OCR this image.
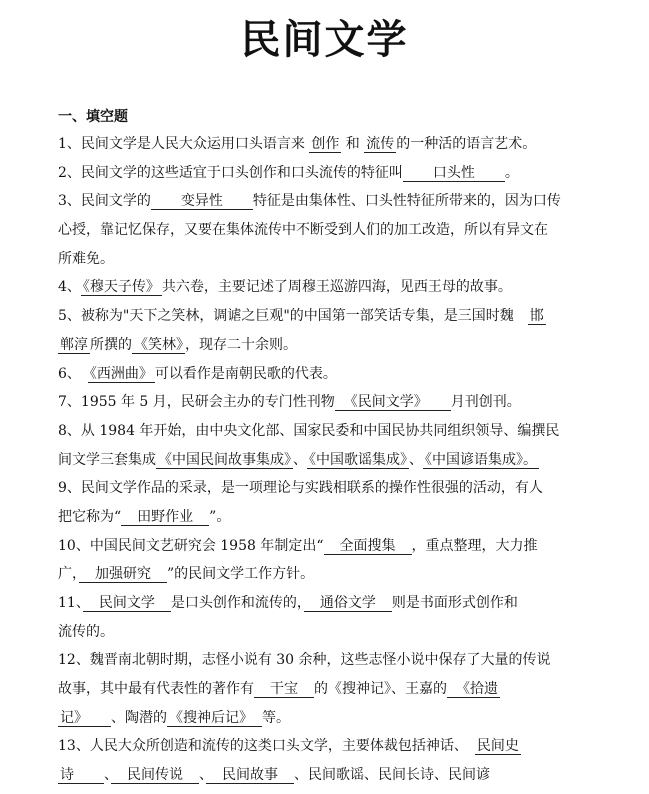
民间文学
一、填空题
1、民间文学是人民大众运用口头语言来 创作 和 流传 的一种活的语言艺术。
2、民间文学的这些适宜于口头创作和口头流传的特征叫　　口头性　　。
3、民间文学的　　变异性　　特征是由集体性、口头性特征所带来的，因为口传
心授，靠记忆保存，又要在集体流传中不断受到人们的加工改造，所以有异文在
所难免。
4、 《穆天子传》 共六卷，主要记述了周穆王巡游四海，见西王母的故事。
5、被称为"天下之笑林，调谑之巨观"的中国第一部笑话专集，是三国时魏　邯
郸淳 所撰的 《笑林》 ，现存二十余则。
6、　《西洲曲》 可以看作是南朝民歌的代表。
7、1955 年 5 月，民研会主办的专门性刊物　《民间文学》　　月刊创刊。
8、从 1984 年开始，由中央文化部、国家民委和中国民协共同组织领导、编撰民
间文学三套集成 《中国民间故事集成》 、 《中国歌谣集成》 、 《中国谚语集成》。
9、民间文学作品的采录，是一项理论与实践相联系的操作性很强的活动，有人
把它称为“　田野作业　”。
10、中国民间文艺研究会 1958 年制定出“　全面搜集　，重点整理，大力推
广，　加强研究　”的民间文学工作方针。
11、　民间文学　是口头创作和流传的，　通俗文学　则是书面形式创作和
流传的。
12、魏晋南北朝时期，志怪小说有 30 余种，这些志怪小说中保存了大量的传说
故事，其中最有代表性的著作有　干宝　的《搜神记》、王嘉的　《拾遗
记》　　、陶潜的 《搜神后记》　等。
13、人民大众所创造和流传的这类口头文学，主要体裁包括神话、　民间史
诗　　、　民间传说　、　民间故事　、民间歌谣、民间长诗、民间谚
